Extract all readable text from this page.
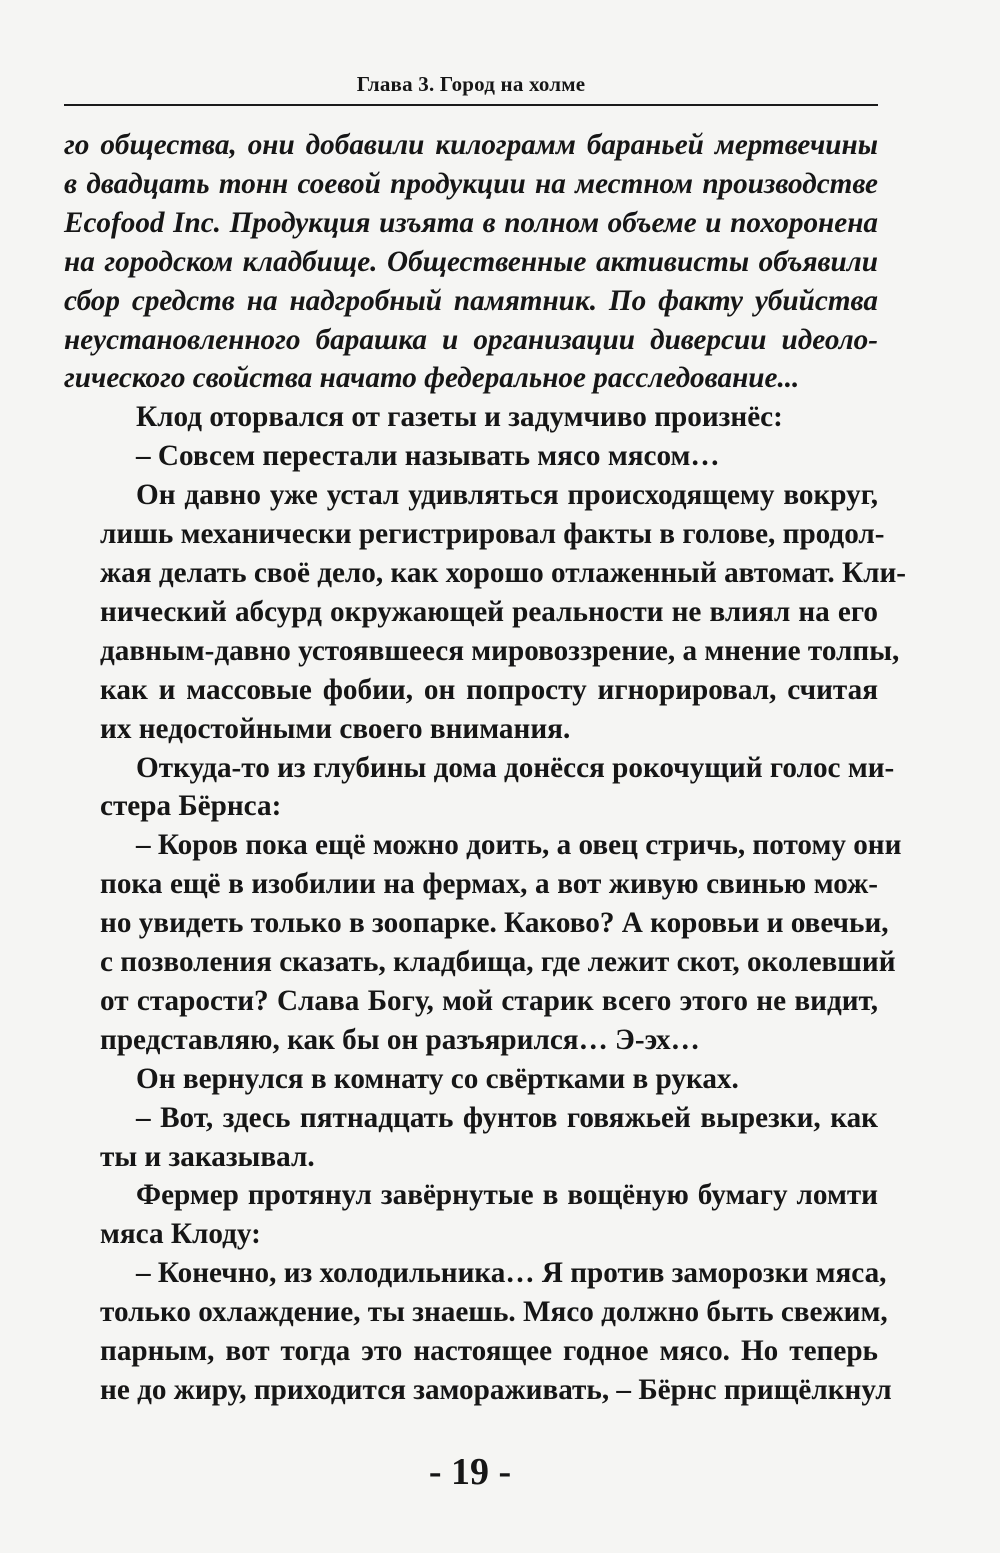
Глава 3. Город на холме

го общества, они добавили килограмм бараньей мертвечины
в двадцать тонн соевой продукции на местном производстве
Ecofood Inc. Продукция изъята в полном объеме и похоронена
на городском кладбище. Общественные активисты объявили
сбор средств на надгробный памятник. По факту убийства
неустановленного барашка и организации диверсии идеоло-
гического свойства начато федеральное расследование...

Клод оторвался от газеты и задумчиво произнёс:

– Совсем перестали называть мясо мясом…

Он давно уже устал удивляться происходящему вокруг,
лишь механически регистрировал факты в голове, продол-
жая делать своё дело, как хорошо отлаженный автомат. Кли-
нический абсурд окружающей реальности не влиял на его
давным-давно устоявшееся мировоззрение, а мнение толпы,
как и массовые фобии, он попросту игнорировал, считая
их недостойными своего внимания.

Откуда-то из глубины дома донёсся рокочущий голос ми-
стера Бёрнса:

– Коров пока ещё можно доить, а овец стричь, потому они
пока ещё в изобилии на фермах, а вот живую свинью мож-
но увидеть только в зоопарке. Каково? А коровьи и овечьи,
с позволения сказать, кладбища, где лежит скот, околевший
от старости? Слава Богу, мой старик всего этого не видит,
представляю, как бы он разъярился… Э-эх…

Он вернулся в комнату со свёртками в руках.

– Вот, здесь пятнадцать фунтов говяжьей вырезки, как
ты и заказывал.

Фермер протянул завёрнутые в вощёную бумагу ломти
мяса Клоду:

– Конечно, из холодильника… Я против заморозки мяса,
только охлаждение, ты знаешь. Мясо должно быть свежим,
парным, вот тогда это настоящее годное мясо. Но теперь
не до жиру, приходится замораживать, – Бёрнс прищёлкнул

- 19 -
